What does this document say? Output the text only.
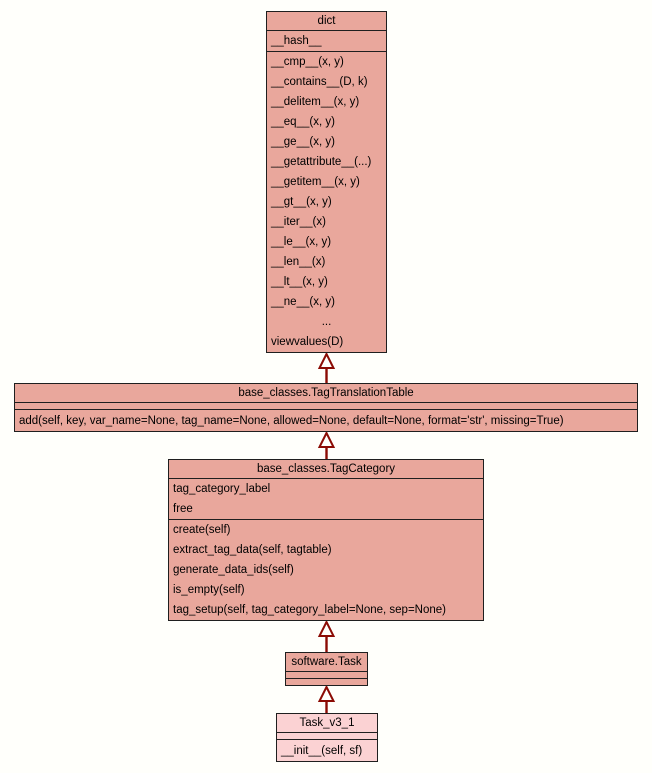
dict
__hash__
__cmp__(x, y)
__contains__(D, k)
__delitem__(x, y)
__eq__(x, y)
__ge__(x, y)
__getattribute__(...)
__getitem__(x, y)
__gt__(x, y)
__iter__(x)
__le__(x, y)
__len__(x)
__lt__(x, y)
__ne__(x, y)
...
viewvalues(D)
base_classes.TagTranslationTable
add(self, key, var_name=None, tag_name=None, allowed=None, default=None, format='str', missing=True)
base_classes.TagCategory
tag_category_label
free
create(self)
extract_tag_data(self, tagtable)
generate_data_ids(self)
is_empty(self)
tag_setup(self, tag_category_label=None, sep=None)
software.Task
Task_v3_1
__init__(self, sf)
